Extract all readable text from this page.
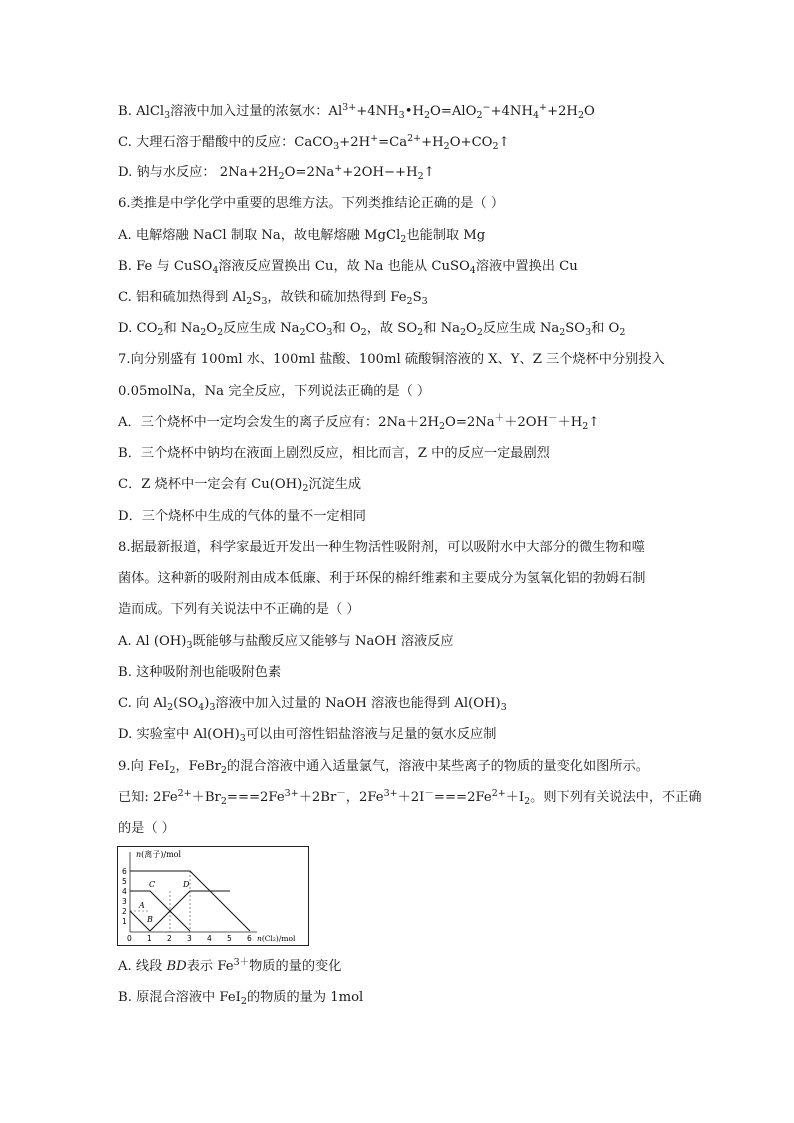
B. AlCl$_3$溶液中加入过量的浓氨水：$Al^{3+}+4NH_3•H_2O=AlO_2^-+4NH_4^++2H_2O$
C. 大理石溶于醋酸中的反应：$CaCO_3+2H^+=Ca^{2+}+H_2O+CO_2↑$
D. 钠与水反应： $2Na+2H_2O=2Na^++2OH-+H_2↑$
6.类推是中学化学中重要的思维方法。下列类推结论正确的是（ ）
A. 电解熔融 NaCl 制取 Na，故电解熔融 MgCl$_2$也能制取 Mg
B. Fe 与 CuSO$_4$溶液反应置换出 Cu，故 Na 也能从 CuSO$_4$溶液中置换出 Cu
C. 铝和硫加热得到 $Al_2S_3$，故铁和硫加热得到 $Fe_2S_3$
D. $CO_2$和 $Na_2O_2$反应生成 $Na_2CO_3$和 $O_2$，故 $SO_2$和 $Na_2O_2$反应生成 $Na_2SO_3$和 $O_2$
7.向分别盛有 100ml 水、100ml 盐酸、100ml 硫酸铜溶液的 X、Y、Z 三个烧杯中分别投入
0.05molNa，Na 完全反应，下列说法正确的是（ ）
A．三个烧杯中一定均会发生的离子反应有：$2Na+2H_2O=2Na^++2OH^-+H_2↑$
B．三个烧杯中钠均在液面上剧烈反应，相比而言，Z 中的反应一定最剧烈
C．Z 烧杯中一定会有 $Cu(OH)_2$沉淀生成
D．三个烧杯中生成的气体的量不一定相同
8.据最新报道，科学家最近开发出一种生物活性吸附剂，可以吸附水中大部分的微生物和噬
菌体。这种新的吸附剂由成本低廉、利于环保的棉纤维素和主要成分为氢氧化铝的勃姆石制
造而成。下列有关说法中不正确的是（ ）
A. Al $(OH)_3$既能够与盐酸反应又能够与 NaOH 溶液反应
B. 这种吸附剂也能吸附色素
C. 向 $Al_2(SO_4)_3$溶液中加入过量的 NaOH 溶液也能得到 $Al(OH)_3$
D. 实验室中 $Al(OH)_3$可以由可溶性铝盐溶液与足量的氨水反应制
9.向 FeI$_2$，FeBr$_2$的混合溶液中通入适量氯气，溶液中某些离子的物质的量变化如图所示。
已知: $2Fe^{2+}+Br_2===2Fe^{3+}+2Br^-$，$2Fe^{3+}+2I^-===2Fe^{2+}+I_2$。则下列有关说法中，不正确
的是（ ）
n(离子)/mol
1
2
3
4
5
6
A
B
C	D
0 1 2 3 4 5 6 n(Cl₂)/mol
A. 线段 BD表示 $Fe^{3+}$物质的量的变化
B. 原混合溶液中 FeI$_2$的物质的量为 1mol
